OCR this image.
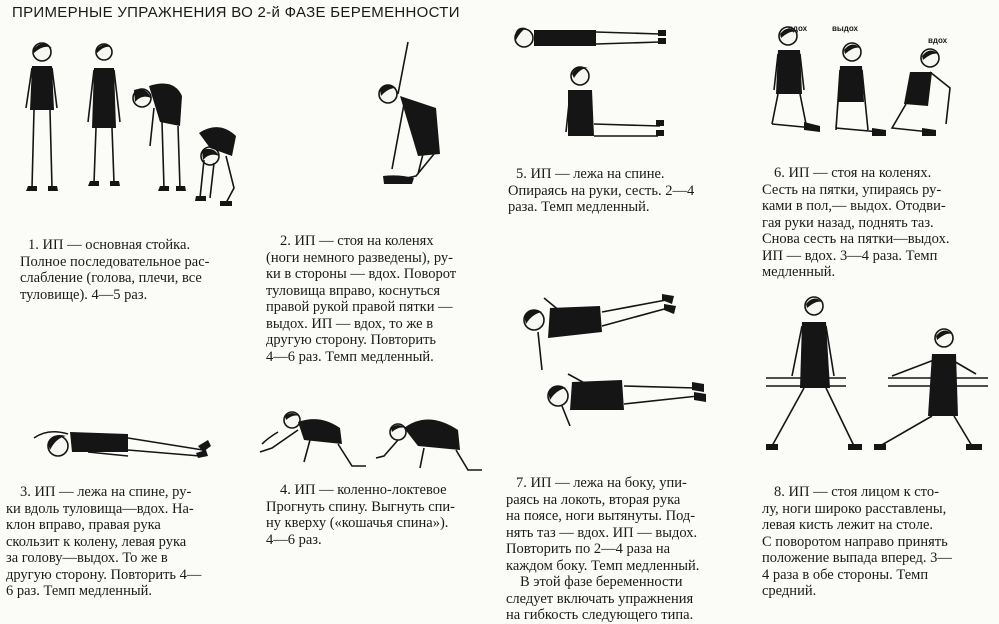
ПРИМЕРНЫЕ УПРАЖНЕНИЯ ВО 2-й ФАЗЕ БЕРЕМЕННОСТИ
вдох	выдох
вдох

1. ИП — основная стойка.

Полное последовательное рас-

слабление (голова, плечи, все

туловище). 4—5 раз.

2. ИП — стоя на коленях

(ноги немного разведены), ру-

ки в стороны — вдох. Поворот

туловища вправо, коснуться

правой рукой правой пятки —

выдох. ИП — вдох, то же в

другую сторону. Повторить

4—6 раз. Темп медленный.

3. ИП — лежа на спине, ру-

ки вдоль туловища—вдох. На-

клон вправо, правая рука

скользит к колену, левая рука

за голову—выдох. То же в

другую сторону. Повторить 4—

6 раз. Темп медленный.

4. ИП — коленно-локтевое

Прогнуть спину. Выгнуть спи-

ну кверху («кошачья спина»).

4—6 раз.

5. ИП — лежа на спине.

Опираясь на руки, сесть. 2—4

раза. Темп медленный.

6. ИП — стоя на коленях.

Сесть на пятки, упираясь ру-

ками в пол,— выдох. Отодви-

гая руки назад, поднять таз.

Снова сесть на пятки—выдох.

ИП — вдох. 3—4 раза. Темп

медленный.

7. ИП — лежа на боку, упи-

раясь на локоть, вторая рука

на поясе, ноги вытянуты. Под-

нять таз — вдох. ИП — выдох.

Повторить по 2—4 раза на

каждом боку. Темп медленный.

В этой фазе беременности

следует включать упражнения

на гибкость следующего типа.

8. ИП — стоя лицом к сто-

лу, ноги широко расставлены,

левая кисть лежит на столе.

С поворотом направо принять

положение выпада вперед. 3—

4 раза в обе стороны. Темп

средний.
